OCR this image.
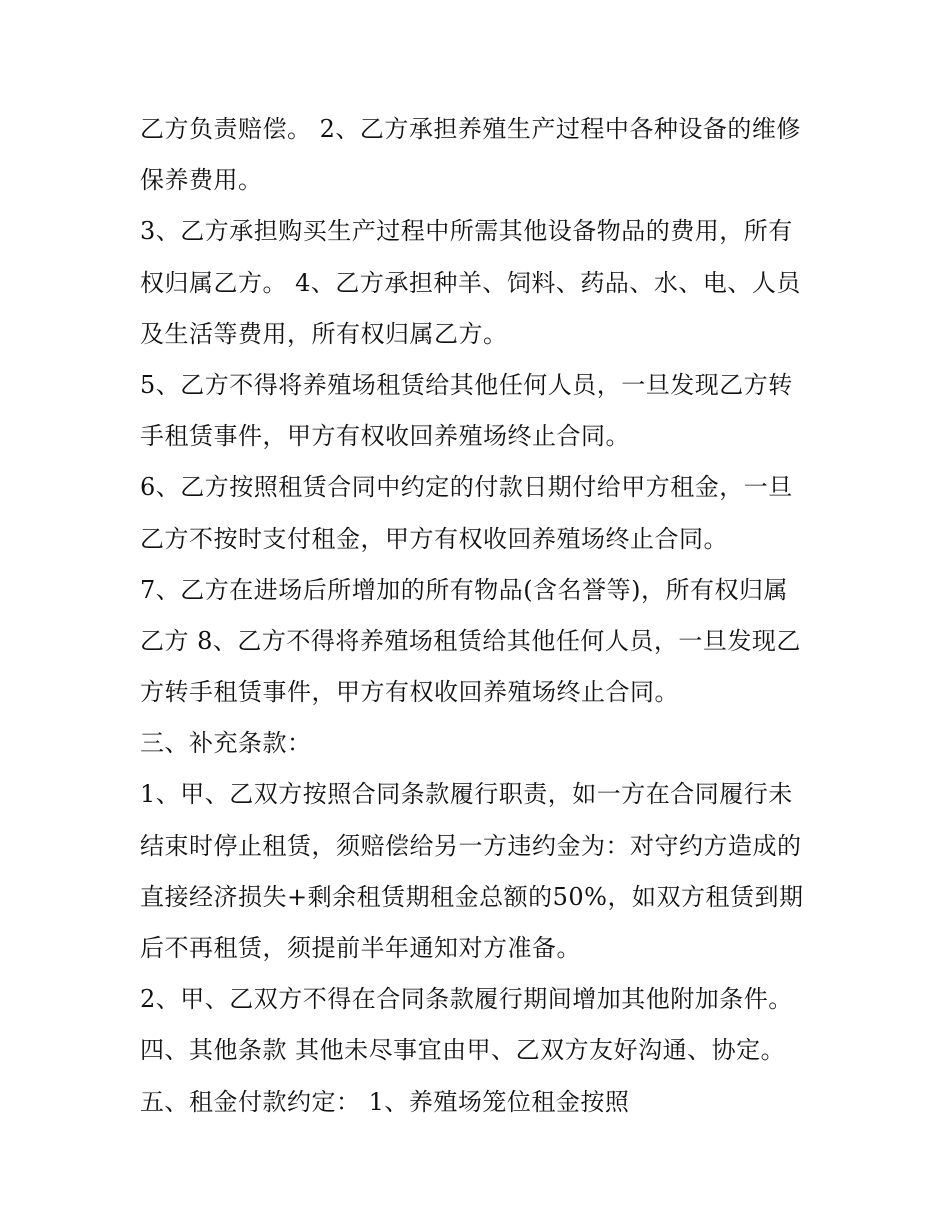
乙方负责赔偿。 2、乙方承担养殖生产过程中各种设备的维修
保养费用。
3、乙方承担购买生产过程中所需其他设备物品的费用，所有
权归属乙方。 4、乙方承担种羊、饲料、药品、水、电、人员
及生活等费用，所有权归属乙方。
5、乙方不得将养殖场租赁给其他任何人员，一旦发现乙方转
手租赁事件，甲方有权收回养殖场终止合同。
6、乙方按照租赁合同中约定的付款日期付给甲方租金，一旦
乙方不按时支付租金，甲方有权收回养殖场终止合同。
7、乙方在进场后所增加的所有物品(含名誉等)，所有权归属
乙方 8、乙方不得将养殖场租赁给其他任何人员，一旦发现乙
方转手租赁事件，甲方有权收回养殖场终止合同。
三、补充条款：
1、甲、乙双方按照合同条款履行职责，如一方在合同履行未
结束时停止租赁，须赔偿给另一方违约金为：对守约方造成的
直接经济损失+剩余租赁期租金总额的50%，如双方租赁到期
后不再租赁，须提前半年通知对方准备。
2、甲、乙双方不得在合同条款履行期间增加其他附加条件。
四、其他条款 其他未尽事宜由甲、乙双方友好沟通、协定。
五、租金付款约定： 1、养殖场笼位租金按照
